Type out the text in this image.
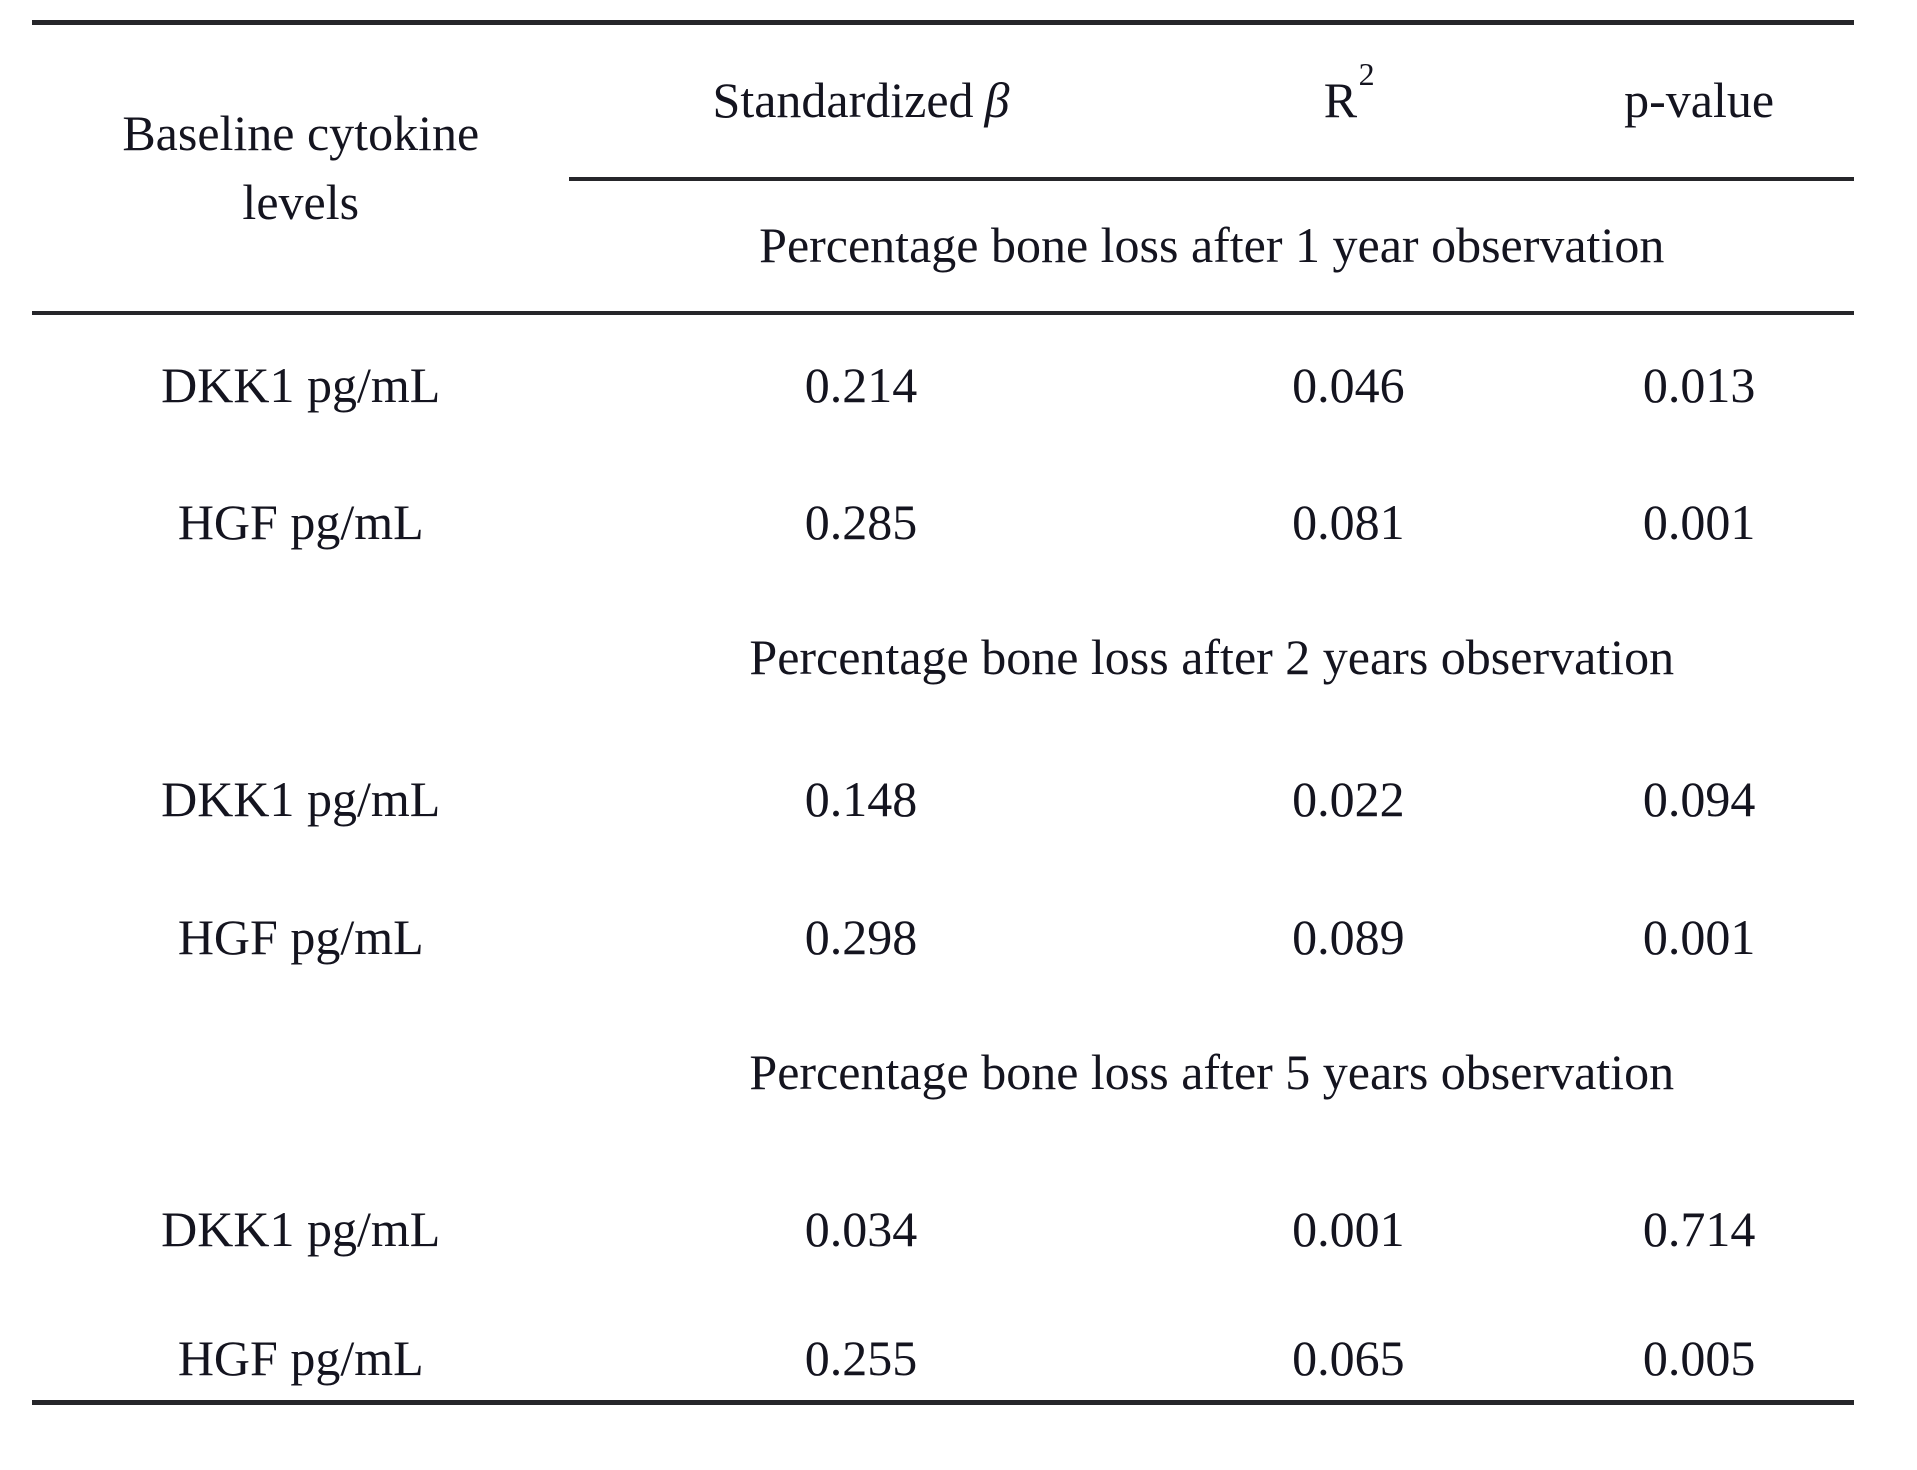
Baseline cytokine
levels	Standardized β	$R^2$	p-value
	Percentage bone loss after 1 year observation		
DKK1 pg/mL	0.214	0.046	0.013
HGF pg/mL	0.285	0.081	0.001
	Percentage bone loss after 2 years observation		
DKK1 pg/mL	0.148	0.022	0.094
HGF pg/mL	0.298	0.089	0.001
	Percentage bone loss after 5 years observation		
DKK1 pg/mL	0.034	0.001	0.714
HGF pg/mL	0.255	0.065	0.005
